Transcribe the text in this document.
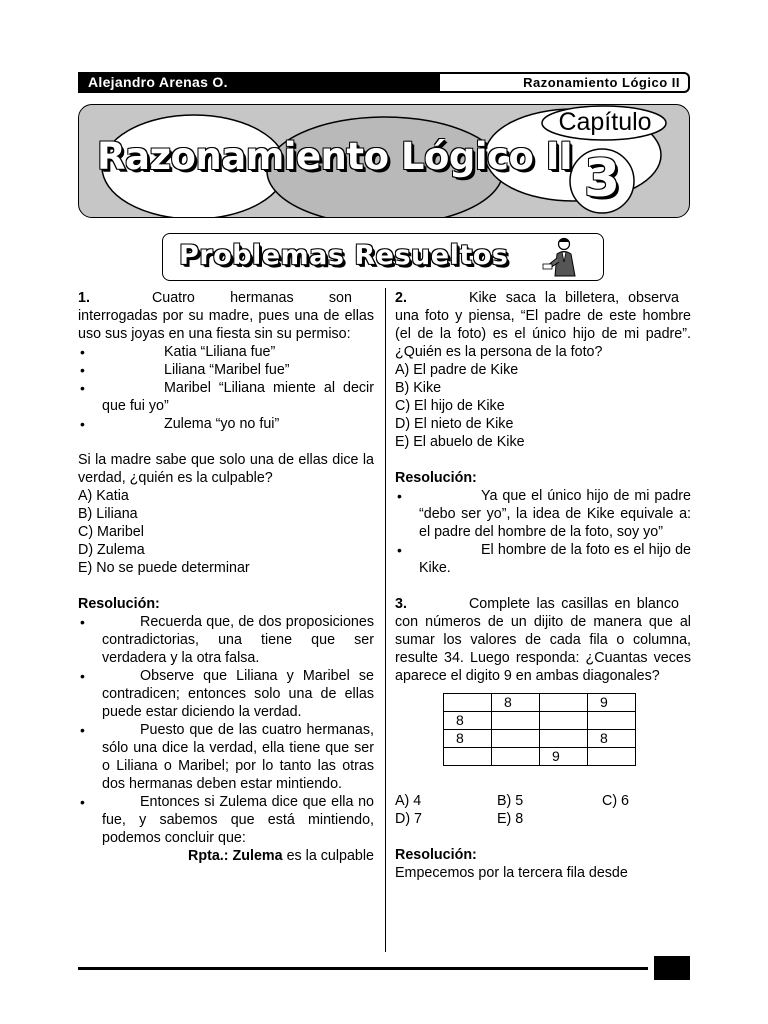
Alejandro Arenas O.	Razonamiento Lógico II
Razonamiento Lógico II
Capítulo
3
Problemas Resueltos

1.	Cuatro hermanas son

interrogadas por su madre, pues una de ellas uso sus joyas en una fiesta sin su permiso:

• Katia “Liliana fue”

• Liliana “Maribel fue”

• Maribel “Liliana miente al decir que fui yo”

• Zulema “yo no fui”

Si la madre sabe que solo una de ellas dice la verdad, ¿quién es la culpable?

A) Katia

B) Liliana

C) Maribel

D) Zulema

E) No se puede determinar

Resolución:

• Recuerda que, de dos proposiciones contradictorias, una tiene que ser verdadera y la otra falsa.

• Observe que Liliana y Maribel se contradicen; entonces solo una de ellas puede estar diciendo la verdad.

• Puesto que de las cuatro hermanas, sólo una dice la verdad, ella tiene que ser o Liliana o Maribel; por lo tanto las otras dos hermanas deben estar mintiendo.

• Entonces si Zulema dice que ella no fue, y sabemos que está mintiendo, podemos concluir que:

Rpta.: Zulema es la culpable

2.	Kike saca la billetera, observa

una foto y piensa, “El padre de este hombre (el de la foto) es el único hijo de mi padre”. ¿Quién es la persona de la foto?

A) El padre de Kike

B) Kike

C) El hijo de Kike

D) El nieto de Kike

E) El abuelo de Kike

Resolución:

• Ya que el único hijo de mi padre “debo ser yo”, la idea de Kike equivale a: el padre del hombre de la foto, soy yo”

• El hombre de la foto es el hijo de Kike.

3.	Complete las casillas en blanco

con números de un dijito de manera que al sumar los valores de cada fila o columna, resulte 34. Luego responda: ¿Cuantas veces aparece el digito 9 en ambas diagonales?

	8		9
8			
8			8
		9	
A) 4	B) 5	C) 6
D) 7	E) 8

Resolución:

Empecemos por la tercera fila desde
